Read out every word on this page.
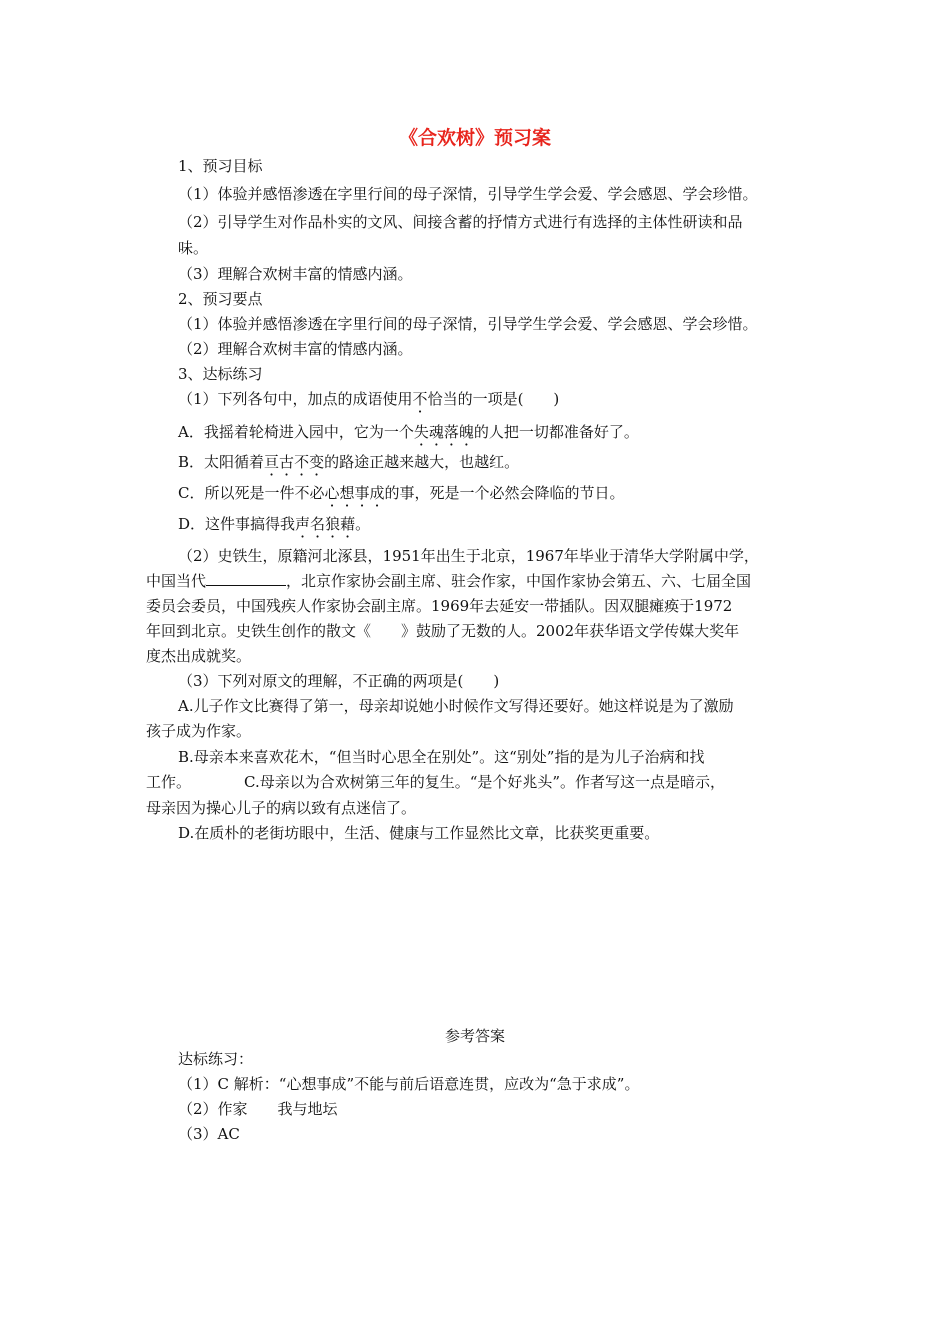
《合欢树》预习案
1、预习目标
（1）体验并感悟渗透在字里行间的母子深情，引导学生学会爱、学会感恩、学会珍惜。
（2）引导学生对作品朴实的文风、间接含蓄的抒情方式进行有选择的主体性研读和品
味。
（3）理解合欢树丰富的情感内涵。
2、预习要点
（1）体验并感悟渗透在字里行间的母子深情，引导学生学会爱、学会感恩、学会珍惜。
（2）理解合欢树丰富的情感内涵。
3、达标练习
（1）下列各句中，加点的成语使用不恰当的一项是(　　)
A．我摇着轮椅进入园中，它为一个失魂落魄的人把一切都准备好了。
B．太阳循着亘古不变的路途正越来越大，也越红。
C．所以死是一件不必心想事成的事，死是一个必然会降临的节日。
D．这件事搞得我声名狼藉。
（2）史铁生，原籍河北涿县，1951年出生于北京，1967年毕业于清华大学附属中学，
中国当代	，北京作家协会副主席、驻会作家，中国作家协会第五、六、七届全国
委员会委员，中国残疾人作家协会副主席。1969年去延安一带插队。因双腿瘫痪于1972
年回到北京。史铁生创作的散文《　　》鼓励了无数的人。2002年获华语文学传媒大奖年
度杰出成就奖。
（3）下列对原文的理解，不正确的两项是(　　)
A.儿子作文比赛得了第一，母亲却说她小时候作文写得还要好。她这样说是为了激励
孩子成为作家。
B.母亲本来喜欢花木，“但当时心思全在别处”。这“别处”指的是为儿子治病和找
工作。	C.母亲以为合欢树第三年的复生。“是个好兆头”。作者写这一点是暗示，
母亲因为操心儿子的病以致有点迷信了。
D.在质朴的老街坊眼中，生活、健康与工作显然比文章，比获奖更重要。
参考答案
达标练习：
（1）C 解析：“心想事成”不能与前后语意连贯，应改为“急于求成”。
（2）作家　　我与地坛
（3）AC
